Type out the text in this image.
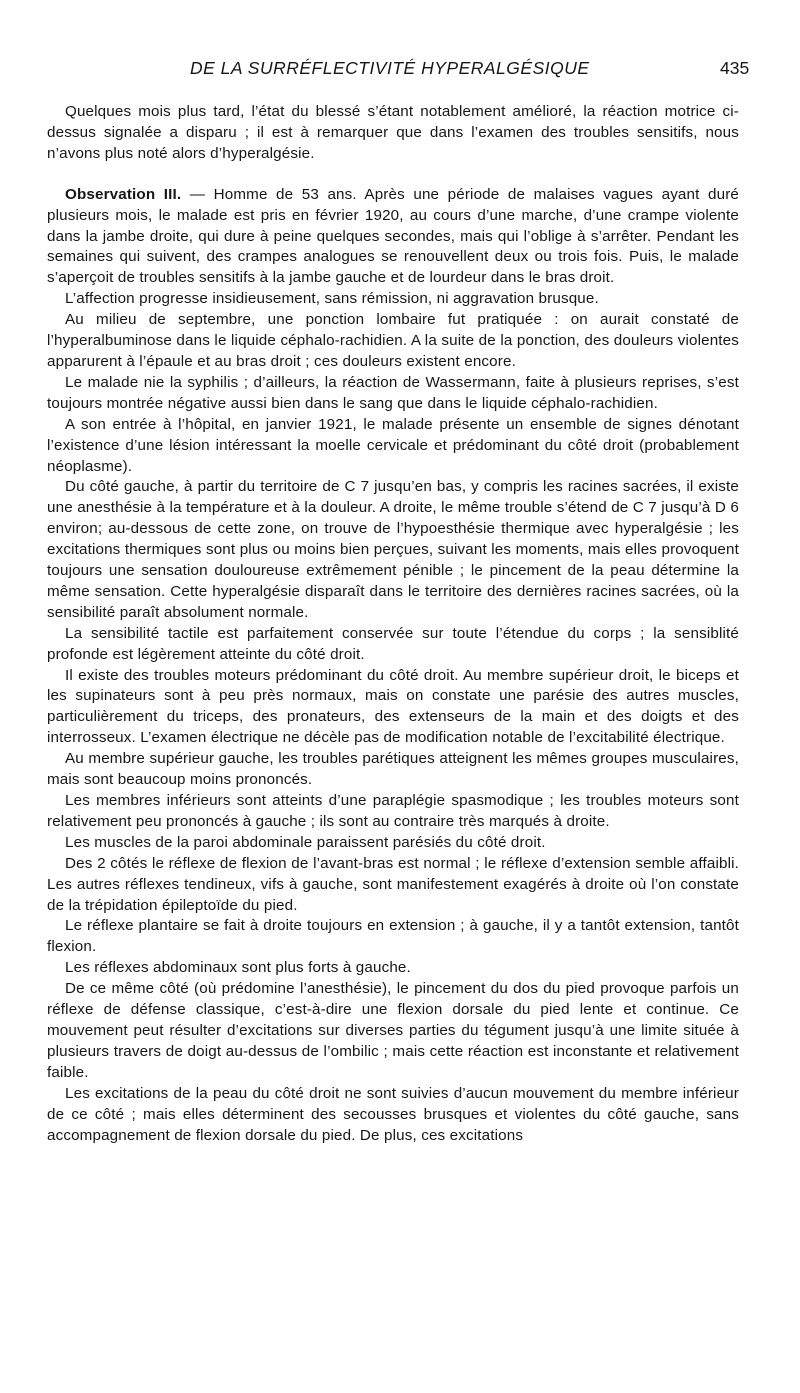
DE LA SURRÉFLECTIVITÉ HYPERALGÉSIQUE	435

Quelques mois plus tard, l’état du blessé s’étant notablement amélioré, la réaction motrice ci-dessus signalée a disparu ; il est à remarquer que dans l’examen des troubles sensitifs, nous n’avons plus noté alors d’hyperalgésie.

Observation III. — Homme de 53 ans. Après une période de malaises vagues ayant duré plusieurs mois, le malade est pris en février 1920, au cours d’une marche, d’une crampe violente dans la jambe droite, qui dure à peine quelques secondes, mais qui l’oblige à s’arrêter. Pendant les semaines qui suivent, des crampes analogues se renouvellent deux ou trois fois. Puis, le malade s’aperçoit de troubles sensitifs à la jambe gauche et de lourdeur dans le bras droit.

L’affection progresse insidieusement, sans rémission, ni aggravation brusque.

Au milieu de septembre, une ponction lombaire fut pratiquée : on aurait constaté de l’hyperalbuminose dans le liquide céphalo-rachidien. A la suite de la ponction, des douleurs violentes apparurent à l’épaule et au bras droit ; ces douleurs existent encore.

Le malade nie la syphilis ; d’ailleurs, la réaction de Wassermann, faite à plusieurs reprises, s’est toujours montrée négative aussi bien dans le sang que dans le liquide céphalo-rachidien.

A son entrée à l’hôpital, en janvier 1921, le malade présente un ensemble de signes dénotant l’existence d’une lésion intéressant la moelle cervicale et prédominant du côté droit (probablement néoplasme).

Du côté gauche, à partir du territoire de C 7 jusqu’en bas, y compris les racines sacrées, il existe une anesthésie à la température et à la douleur. A droite, le même trouble s’étend de C 7 jusqu’à D 6 environ; au-dessous de cette zone, on trouve de l’hypoesthésie thermique avec hyperalgésie ; les excitations thermiques sont plus ou moins bien perçues, suivant les moments, mais elles provoquent toujours une sensation douloureuse extrêmement pénible ; le pincement de la peau détermine la même sensation. Cette hyperalgésie disparaît dans le territoire des dernières racines sacrées, où la sensibilité paraît absolument normale.

La sensibilité tactile est parfaitement conservée sur toute l’étendue du corps ; la sensiblité profonde est légèrement atteinte du côté droit.

Il existe des troubles moteurs prédominant du côté droit. Au membre supérieur droit, le biceps et les supinateurs sont à peu près normaux, mais on constate une parésie des autres muscles, particulièrement du triceps, des pronateurs, des extenseurs de la main et des doigts et des interrosseux. L’examen électrique ne décèle pas de modification notable de l’excitabilité électrique.

Au membre supérieur gauche, les troubles parétiques atteignent les mêmes groupes musculaires, mais sont beaucoup moins prononcés.

Les membres inférieurs sont atteints d’une paraplégie spasmodique ; les troubles moteurs sont relativement peu prononcés à gauche ; ils sont au contraire très marqués à droite.

Les muscles de la paroi abdominale paraissent parésiés du côté droit.

Des 2 côtés le réflexe de flexion de l’avant-bras est normal ; le réflexe d’extension semble affaibli. Les autres réflexes tendineux, vifs à gauche, sont manifestement exagérés à droite où l’on constate de la trépidation épileptoïde du pied.

Le réflexe plantaire se fait à droite toujours en extension ; à gauche, il y a tantôt extension, tantôt flexion.

Les réflexes abdominaux sont plus forts à gauche.

De ce même côté (où prédomine l’anesthésie), le pincement du dos du pied provoque parfois un réflexe de défense classique, c’est-à-dire une flexion dorsale du pied lente et continue. Ce mouvement peut résulter d’excitations sur diverses parties du tégument jusqu’à une limite située à plusieurs travers de doigt au-dessus de l’ombilic ; mais cette réaction est inconstante et relativement faible.

Les excitations de la peau du côté droit ne sont suivies d’aucun mouvement du membre inférieur de ce côté ; mais elles déterminent des secousses brusques et violentes du côté gauche, sans accompagnement de flexion dorsale du pied. De plus, ces excitations
